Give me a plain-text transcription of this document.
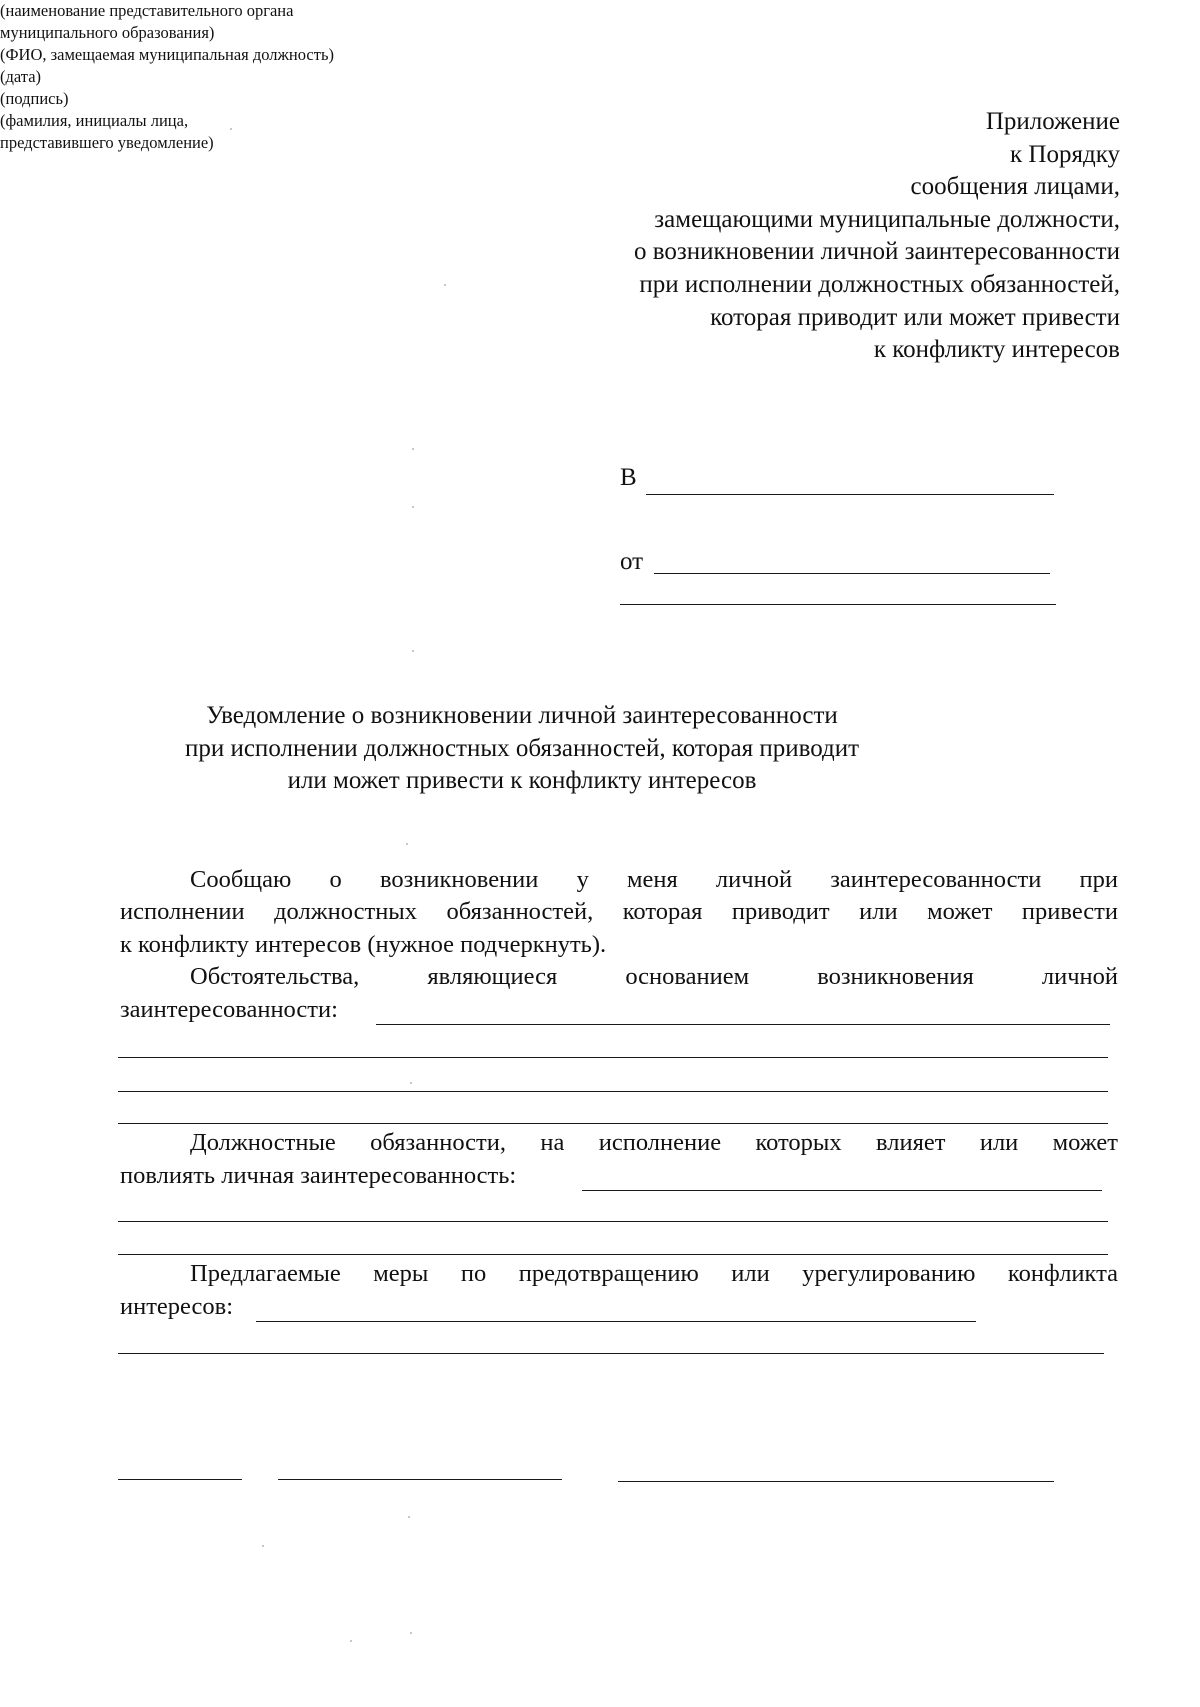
Приложение
к Порядку
сообщения лицами,
замещающими муниципальные должности,
о возникновении личной заинтересованности
при исполнении должностных обязанностей,
которая приводит или может привести
к конфликту интересов
В
(наименование представительного органа
муниципального образования)
от
(ФИО, замещаемая муниципальная должность)
Уведомление о возникновении личной заинтересованности
при исполнении должностных обязанностей, которая приводит
или может привести к конфликту интересов
Сообщаю о возникновении у меня личной заинтересованности при
исполнении должностных обязанностей, которая приводит или может привести
к конфликту интересов (нужное подчеркнуть).
Обстоятельства, являющиеся основанием возникновения личной
заинтересованности:
Должностные обязанности, на исполнение которых влияет или может
повлиять личная заинтересованность:
Предлагаемые меры по предотвращению или урегулированию конфликта
интересов:
(дата)
(подпись)
(фамилия, инициалы лица,
представившего уведомление)
